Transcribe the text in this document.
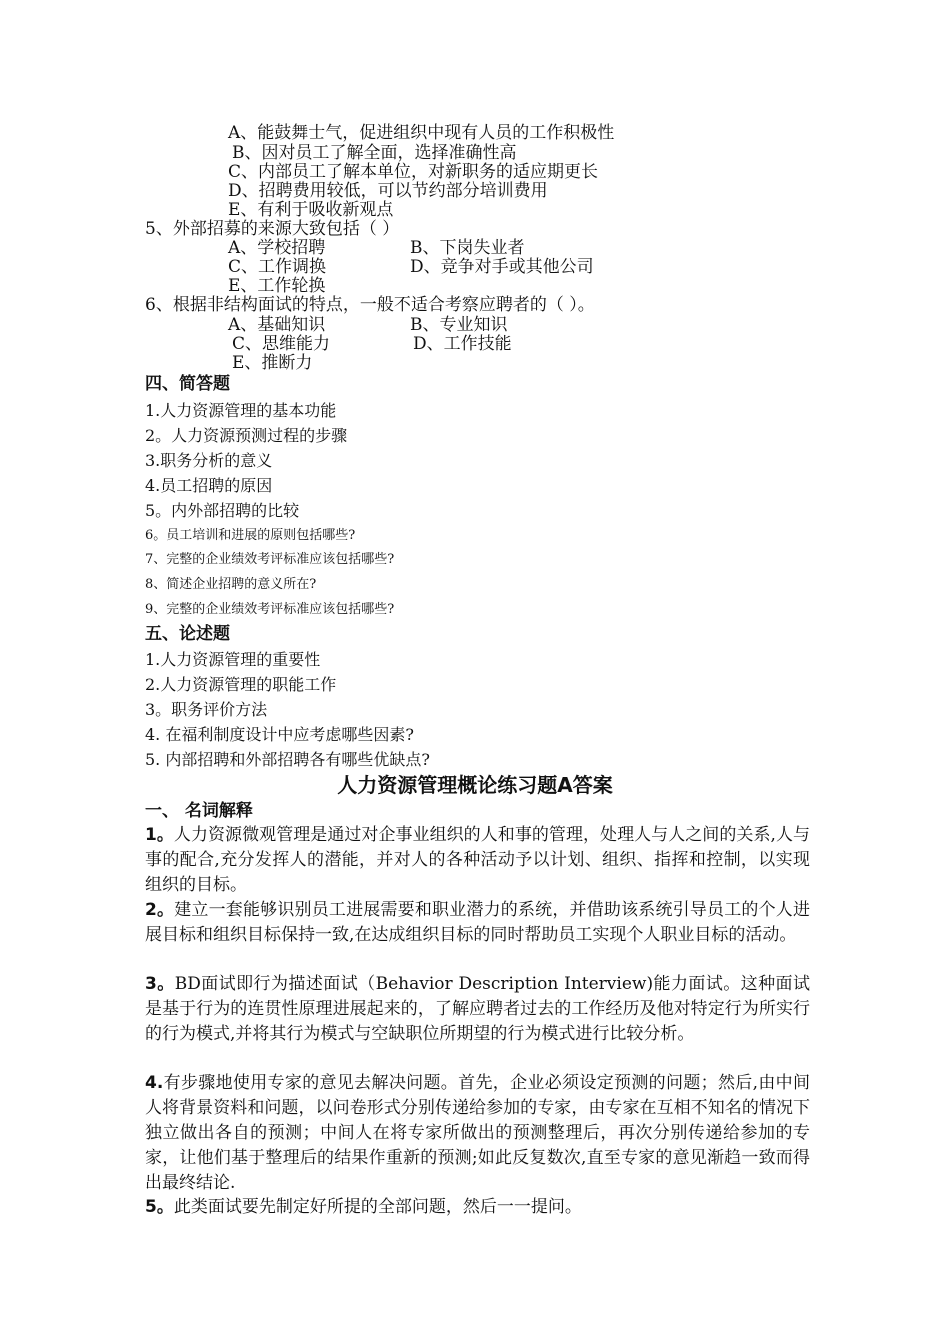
A、能鼓舞士气，促进组织中现有人员的工作积极性
B、因对员工了解全面，选择准确性高
C、内部员工了解本单位，对新职务的适应期更长
D、招聘费用较低，可以节约部分培训费用
E、有利于吸收新观点
5、外部招募的来源大致包括（ ）
A、学校招聘	B、下岗失业者
C、工作调换	D、竞争对手或其他公司
E、工作轮换
6、根据非结构面试的特点，一般不适合考察应聘者的（ ）。
A、基础知识	B、专业知识
C、思维能力	D、工作技能
E、推断力
四、简答题
1.人力资源管理的基本功能
2。人力资源预测过程的步骤
3.职务分析的意义
4.员工招聘的原因
5。内外部招聘的比较
6。员工培训和进展的原则包括哪些?
7、完整的企业绩效考评标准应该包括哪些?
8、简述企业招聘的意义所在?
9、完整的企业绩效考评标准应该包括哪些?
五、论述题
1.人力资源管理的重要性
2.人力资源管理的职能工作
3。职务评价方法
4. 在福利制度设计中应考虑哪些因素?
5. 内部招聘和外部招聘各有哪些优缺点?
人力资源管理概论练习题A答案
一、 名词解释
1。人力资源微观管理是通过对企事业组织的人和事的管理，处理人与人之间的关系,人与事的配合,充分发挥人的潜能，并对人的各种活动予以计划、组织、指挥和控制，以实现组织的目标。
2。建立一套能够识别员工进展需要和职业潜力的系统，并借助该系统引导员工的个人进展目标和组织目标保持一致,在达成组织目标的同时帮助员工实现个人职业目标的活动。
3。BD面试即行为描述面试（Behavior Description Interview)能力面试。这种面试是基于行为的连贯性原理进展起来的，了解应聘者过去的工作经历及他对特定行为所实行的行为模式,并将其行为模式与空缺职位所期望的行为模式进行比较分析。
4.有步骤地使用专家的意见去解决问题。首先，企业必须设定预测的问题；然后,由中间人将背景资料和问题，以问卷形式分别传递给参加的专家，由专家在互相不知名的情况下独立做出各自的预测；中间人在将专家所做出的预测整理后，再次分别传递给参加的专家，让他们基于整理后的结果作重新的预测;如此反复数次,直至专家的意见渐趋一致而得出最终结论.
5。此类面试要先制定好所提的全部问题，然后一一提问。
